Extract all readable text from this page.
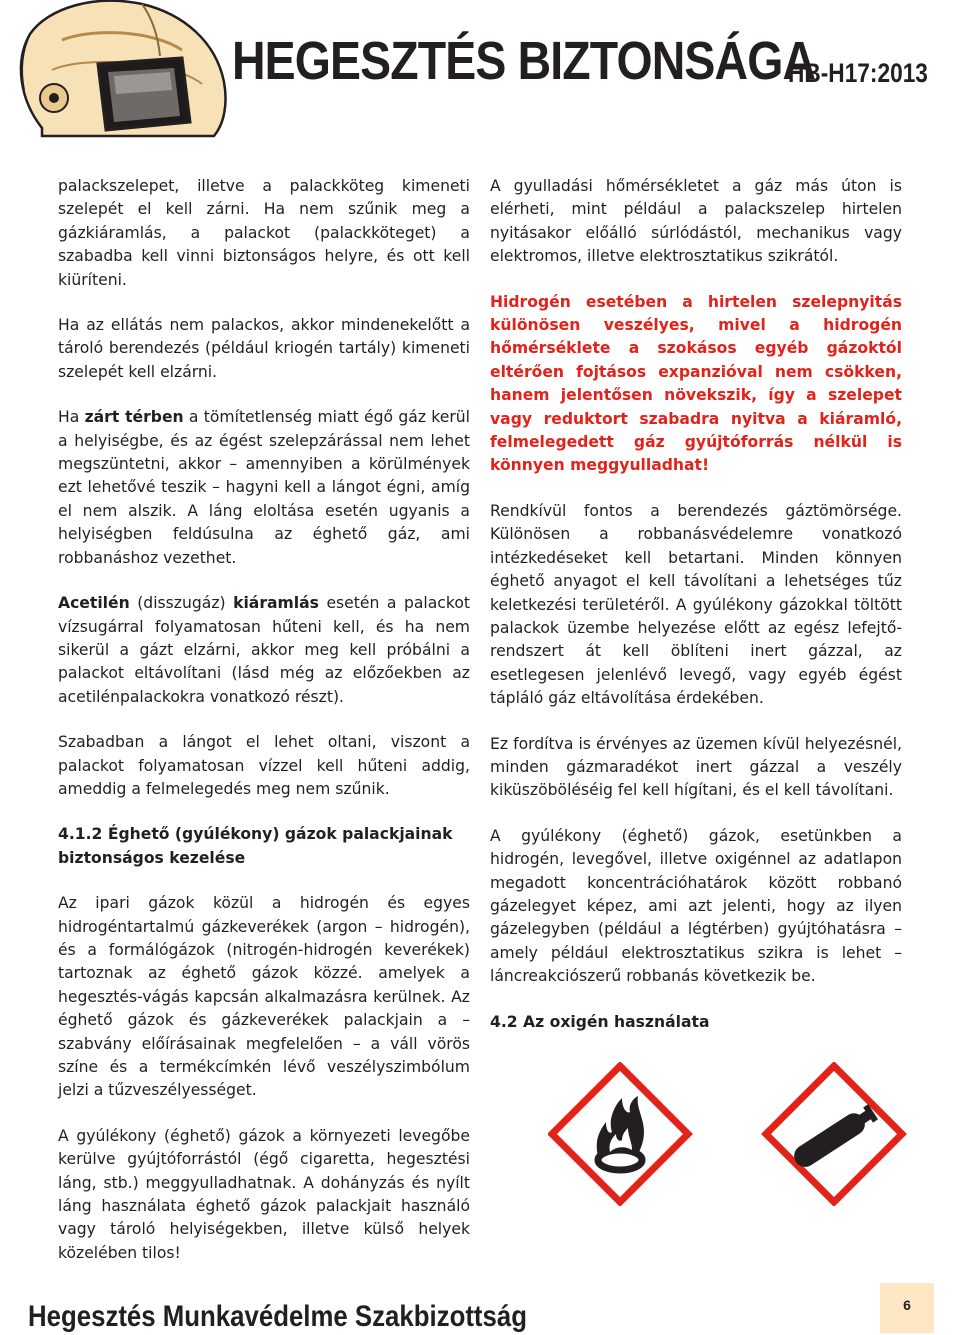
HEGESZTÉS BIZTONSÁGA
HB-H17:2013

palackszelepet, illetve a palackköteg kimeneti szelepét el kell zárni. Ha nem szűnik meg a gázkiáramlás, a palackot (palackköteget) a szabadba kell vinni biztonságos helyre, és ott kell kiüríteni.

Ha az ellátás nem palackos, akkor mindenekelőtt a tároló berendezés (például kriogén tartály) kimeneti szelepét kell elzárni.

Ha zárt térben a tömítetlenség miatt égő gáz kerül a helyiségbe, és az égést szelepzárással nem lehet megszüntetni, akkor – amennyiben a körülmények ezt lehetővé teszik – hagyni kell a lángot égni, amíg el nem alszik. A láng eloltása esetén ugyanis a helyiségben feldúsulna az éghető gáz, ami robbanáshoz vezethet.

Acetilén (disszugáz) kiáramlás esetén a palackot vízsugárral folyamatosan hűteni kell, és ha nem sikerül a gázt elzárni, akkor meg kell próbálni a palackot eltávolítani (lásd még az előzőekben az acetilénpalackokra vonatkozó részt).

Szabadban a lángot el lehet oltani, viszont a palackot folyamatosan vízzel kell hűteni addig, ameddig a felmelegedés meg nem szűnik.

4.1.2 Éghető (gyúlékony) gázok palackjainak biztonságos kezelése

Az ipari gázok közül a hidrogén és egyes hidrogéntartalmú gázkeverékek (argon – hidrogén), és a formálógázok (nitrogén-hidrogén keverékek) tartoznak az éghető gázok közzé. amelyek a hegesztés-vágás kapcsán alkalmazásra kerülnek. Az éghető gázok és gázkeverékek palackjain a – szabvány előírásainak megfelelően – a váll vörös színe és a termékcímkén lévő veszélyszimbólum jelzi a tűzveszélyességet.

A gyúlékony (éghető) gázok a környezeti levegőbe kerülve gyújtóforrástól (égő cigaretta, hegesztési láng, stb.) meggyulladhatnak. A dohányzás és nyílt láng használata éghető gázok palackjait használó vagy tároló helyiségekben, illetve külső helyek közelében tilos!

A gyulladási hőmérsékletet a gáz más úton is elérheti, mint például a palackszelep hirtelen nyitásakor előálló súrlódástól, mechanikus vagy elektromos, illetve elektrosztatikus szikrától.

Hidrogén esetében a hirtelen szelepnyitás különösen veszélyes, mivel a hidrogén hőmérséklete a szokásos egyéb gázoktól eltérően fojtásos expanzióval nem csökken, hanem jelentősen növekszik, így a szelepet vagy reduktort szabadra nyitva a kiáramló, felmelegedett gáz gyújtóforrás nélkül is könnyen meggyulladhat!

Rendkívül fontos a berendezés gáztömörsége. Különösen a robbanásvédelemre vonatkozó intézkedéseket kell betartani. Minden könnyen éghető anyagot el kell távolítani a lehetséges tűz keletkezési területéről. A gyúlékony gázokkal töltött palackok üzembe helyezése előtt az egész lefejtő-rendszert át kell öblíteni inert gázzal, az esetlegesen jelenlévő levegő, vagy egyéb égést tápláló gáz eltávolítása érdekében.

Ez fordítva is érvényes az üzemen kívül helyezésnél, minden gázmaradékot inert gázzal a veszély kiküszöböléséig fel kell hígítani, és el kell távolítani.

A gyúlékony (éghető) gázok, esetünkben a hidrogén, levegővel, illetve oxigénnel az adatlapon megadott koncentrációhatárok között robbanó gázelegyet képez, ami azt jelenti, hogy az ilyen gázelegyben (például a légtérben) gyújtóhatásra – amely például elektrosztatikus szikra is lehet – láncreakciószerű robbanás következik be.

4.2 Az oxigén használata
Hegesztés Munkavédelme Szakbizottság	6
